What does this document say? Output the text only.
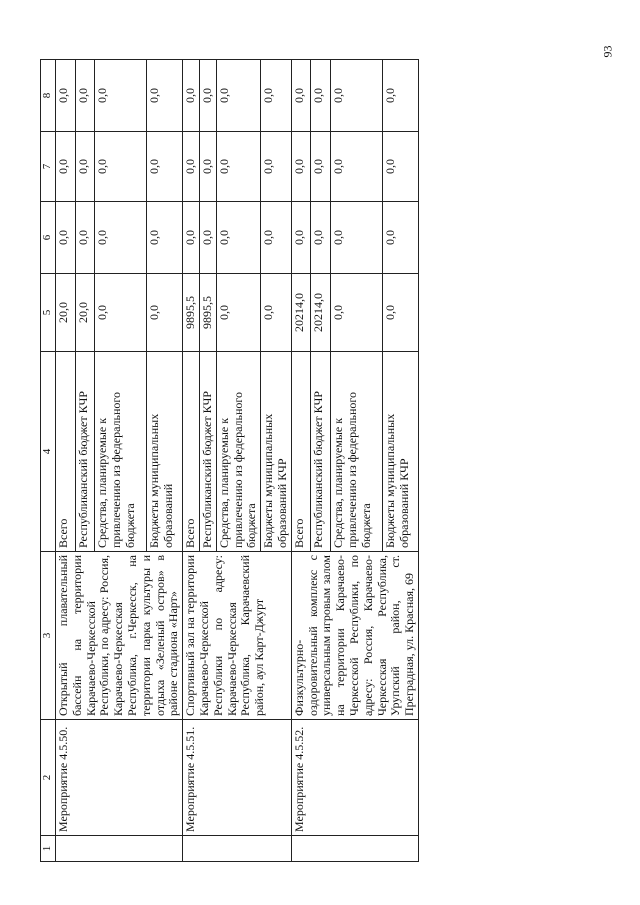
93
1	2	3	4	5	6	7	8
	Мероприятие 4.5.50.	Открытый плавательный бассейн на территории Карачаево-Черкесской Республики, по адресу: Россия, Карачаево-Черкесская Республика, г.Черкесск, на территории парка культуры и отдыха «Зеленый остров» в районе стадиона «Нарт»	Всего	20,0	0,0	0,0	0,0
			Республиканский бюджет КЧР	20,0	0,0	0,0	0,0
			Средства, планируемые к привлечению из федерального бюджета	0,0	0,0	0,0	0,0
			Бюджеты муниципальных образований	0,0	0,0	0,0	0,0
	Мероприятие 4.5.51.	Спортивный зал на территории Карачаево-Черкесской Республики по адресу: Карачаево-Черкесская Республика, Карачаевский район, аул Карт-Джурт	Всего	9895,5	0,0	0,0	0,0
			Республиканский бюджет КЧР	9895,5	0,0	0,0	0,0
			Средства, планируемые к привлечению из федерального бюджета	0,0	0,0	0,0	0,0
			Бюджеты муниципальных образований КЧР	0,0	0,0	0,0	0,0
	Мероприятие 4.5.52.	Физкультурно-оздоровительный комплекс с универсальным игровым залом на территории Карачаево-Черкесской Республики, по адресу: Россия, Карачаево-Черкесская Республика, Урупский район, ст. Преградная, ул. Красная, 69	Всего	20214,0	0,0	0,0	0,0
			Республиканский бюджет КЧР	20214,0	0,0	0,0	0,0
			Средства, планируемые к привлечению из федерального бюджета	0,0	0,0	0,0	0,0
			Бюджеты муниципальных образований КЧР	0,0	0,0	0,0	0,0
